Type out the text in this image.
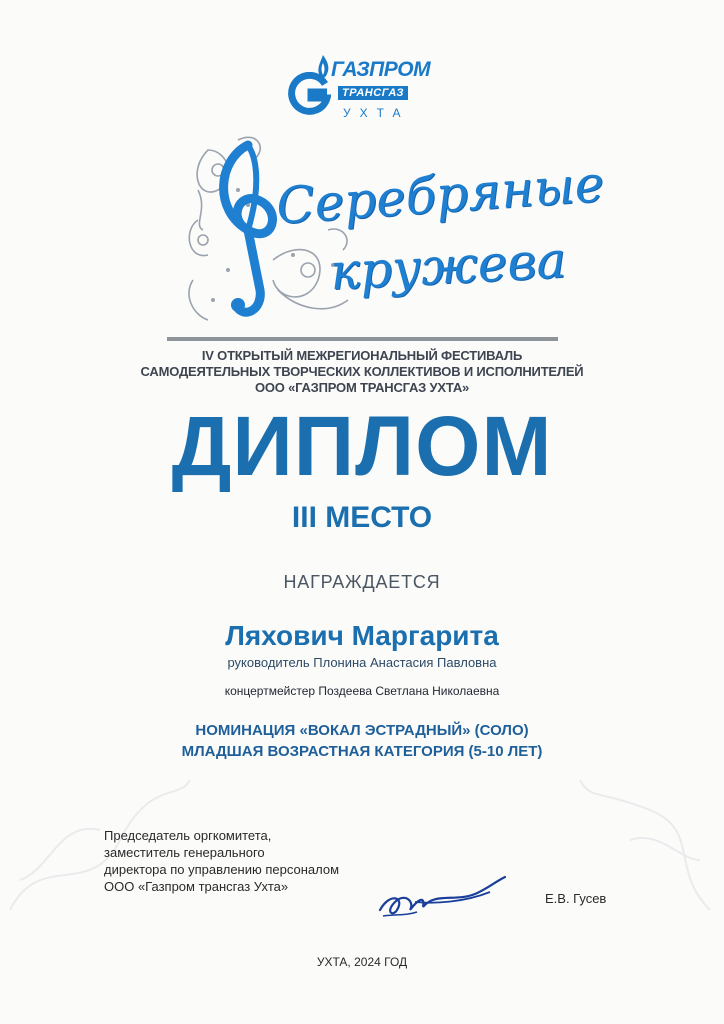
ГАЗПРОМ
ТРАНСГАЗ
УХТА
Серебряные
кружева
IV ОТКРЫТЫЙ МЕЖРЕГИОНАЛЬНЫЙ ФЕСТИВАЛЬ
САМОДЕЯТЕЛЬНЫХ ТВОРЧЕСКИХ КОЛЛЕКТИВОВ И ИСПОЛНИТЕЛЕЙ
ООО «ГАЗПРОМ ТРАНСГАЗ УХТА»
ДИПЛОМ
III МЕСТО
НАГРАЖДАЕТСЯ
Ляхович Маргарита
руководитель Плонина Анастасия Павловна
концертмейстер Поздеева Светлана Николаевна
НОМИНАЦИЯ «ВОКАЛ ЭСТРАДНЫЙ» (СОЛО)
МЛАДШАЯ ВОЗРАСТНАЯ КАТЕГОРИЯ (5-10 ЛЕТ)
Председатель оргкомитета,
заместитель генерального
директора по управлению персоналом
ООО «Газпром трансгаз Ухта»
Е.В. Гусев
УХТА, 2024 ГОД
